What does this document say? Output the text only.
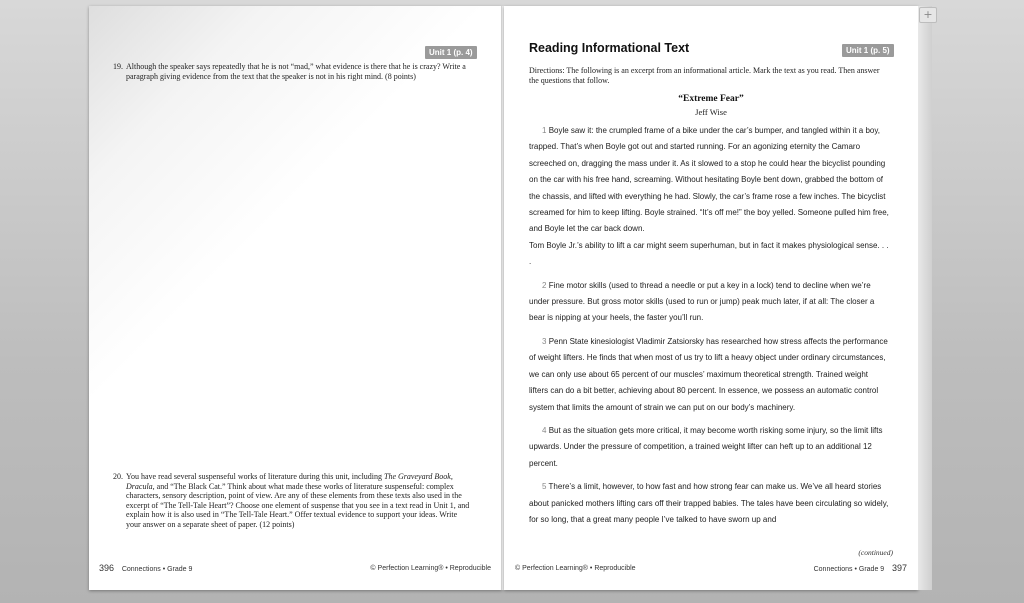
Unit 1 (p. 4)
19. Although the speaker says repeatedly that he is not “mad,” what evidence is there that he is crazy? Write a paragraph giving evidence from the text that the speaker is not in his right mind. (8 points)
20. You have read several suspenseful works of literature during this unit, including The Graveyard Book, Dracula, and “The Black Cat.” Think about what made these works of literature suspenseful: complex characters, sensory description, point of view. Are any of these elements from these texts also used in the excerpt of “The Tell-Tale Heart”? Choose one element of suspense that you see in a text read in Unit 1, and explain how it is also used in “The Tell-Tale Heart.” Offer textual evidence to support your ideas. Write your answer on a separate sheet of paper. (12 points)
396 Connections • Grade 9	© Perfection Learning® • Reproducible
Reading Informational Text	Unit 1 (p. 5)
Directions: The following is an excerpt from an informational article. Mark the text as you read. Then answer the questions that follow.
“Extreme Fear”
Jeff Wise

1 Boyle saw it: the crumpled frame of a bike under the car’s bumper, and tangled within it a boy, trapped. That’s when Boyle got out and started running. For an agonizing eternity the Camaro screeched on, dragging the mass under it. As it slowed to a stop he could hear the bicyclist pounding on the car with his free hand, screaming. Without hesitating Boyle bent down, grabbed the bottom of the chassis, and lifted with everything he had. Slowly, the car’s frame rose a few inches. The bicyclist screamed for him to keep lifting. Boyle strained. “It’s off me!” the boy yelled. Someone pulled him free, and Boyle let the car back down.

Tom Boyle Jr.’s ability to lift a car might seem superhuman, but in fact it makes physiological sense. . . .

2 Fine motor skills (used to thread a needle or put a key in a lock) tend to decline when we’re under pressure. But gross motor skills (used to run or jump) peak much later, if at all: The closer a bear is nipping at your heels, the faster you’ll run.

3 Penn State kinesiologist Vladimir Zatsiorsky has researched how stress affects the performance of weight lifters. He finds that when most of us try to lift a heavy object under ordinary circumstances, we can only use about 65 percent of our muscles’ maximum theoretical strength. Trained weight lifters can do a bit better, achieving about 80 percent. In essence, we possess an automatic control system that limits the amount of strain we can put on our body’s machinery.

4 But as the situation gets more critical, it may become worth risking some injury, so the limit lifts upwards. Under the pressure of competition, a trained weight lifter can heft up to an additional 12 percent.

5 There’s a limit, however, to how fast and how strong fear can make us. We’ve all heard stories about panicked mothers lifting cars off their trapped babies. The tales have been circulating so widely, for so long, that a great many people I’ve talked to have sworn up and

(continued)
© Perfection Learning® • Reproducible	Connections • Grade 9 397
+
